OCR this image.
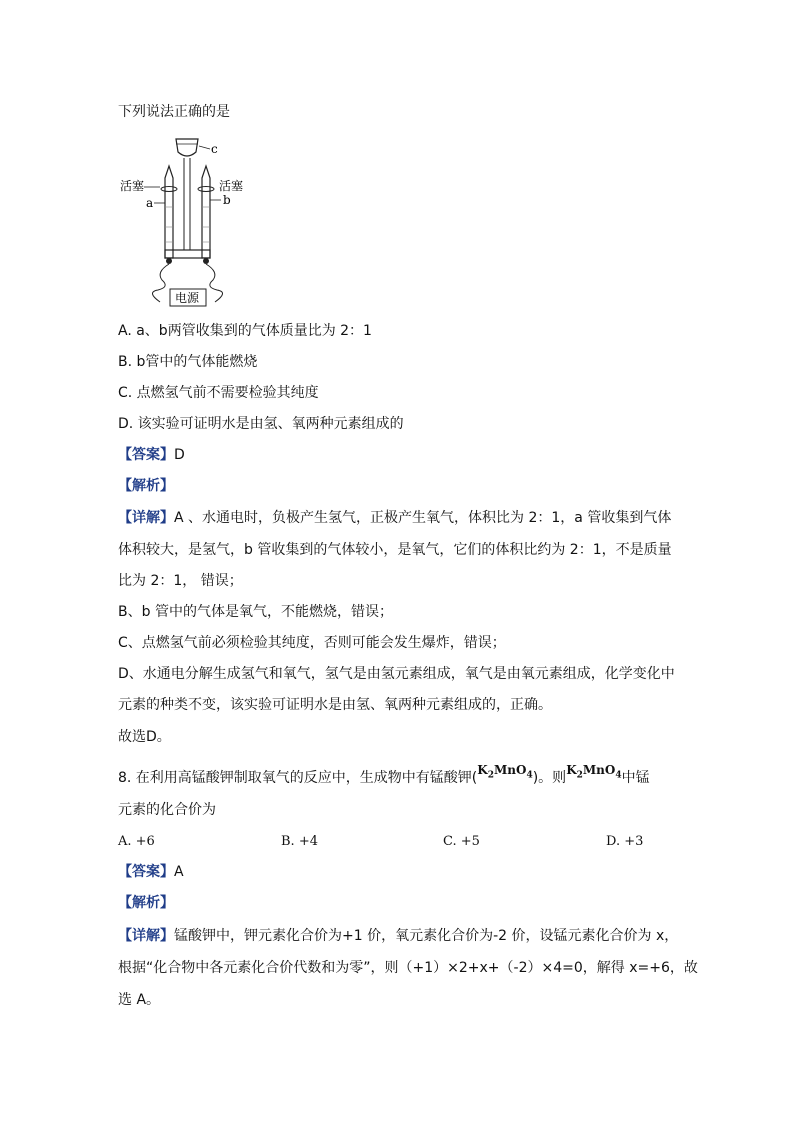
下列说法正确的是
c
活塞	活塞
a	b
电源
A. a、b两管收集到的气体质量比为 2：1
B. b管中的气体能燃烧
C. 点燃氢气前不需要检验其纯度
D. 该实验可证明水是由氢、氧两种元素组成的
【答案】D
【解析】
【详解】A 、水通电时，负极产生氢气，正极产生氧气，体积比为 2：1，a 管收集到气体
体积较大，是氢气，b 管收集到的气体较小，是氧气，它们的体积比约为 2：1，不是质量
比为 2：1， 错误；
B、b 管中的气体是氧气，不能燃烧，错误；
C、点燃氢气前必须检验其纯度，否则可能会发生爆炸，错误；
D、水通电分解生成氢气和氧气，氢气是由氢元素组成，氧气是由氧元素组成，化学变化中
元素的种类不变，该实验可证明水是由氢、氧两种元素组成的，正确。
故选D。
8. 在利用高锰酸钾制取氧气的反应中，生成物中有锰酸钾$(K_2MnO_4)$。则$K_2MnO_4$中锰
元素的化合价为
A. +6	B. +4	C. +5	D. +3
【答案】A
【解析】
【详解】锰酸钾中，钾元素化合价为+1 价，氧元素化合价为-2 价，设锰元素化合价为 x，
根据“化合物中各元素化合价代数和为零”，则（+1）×2+x+（-2）×4=0，解得 x=+6，故
选 A。
